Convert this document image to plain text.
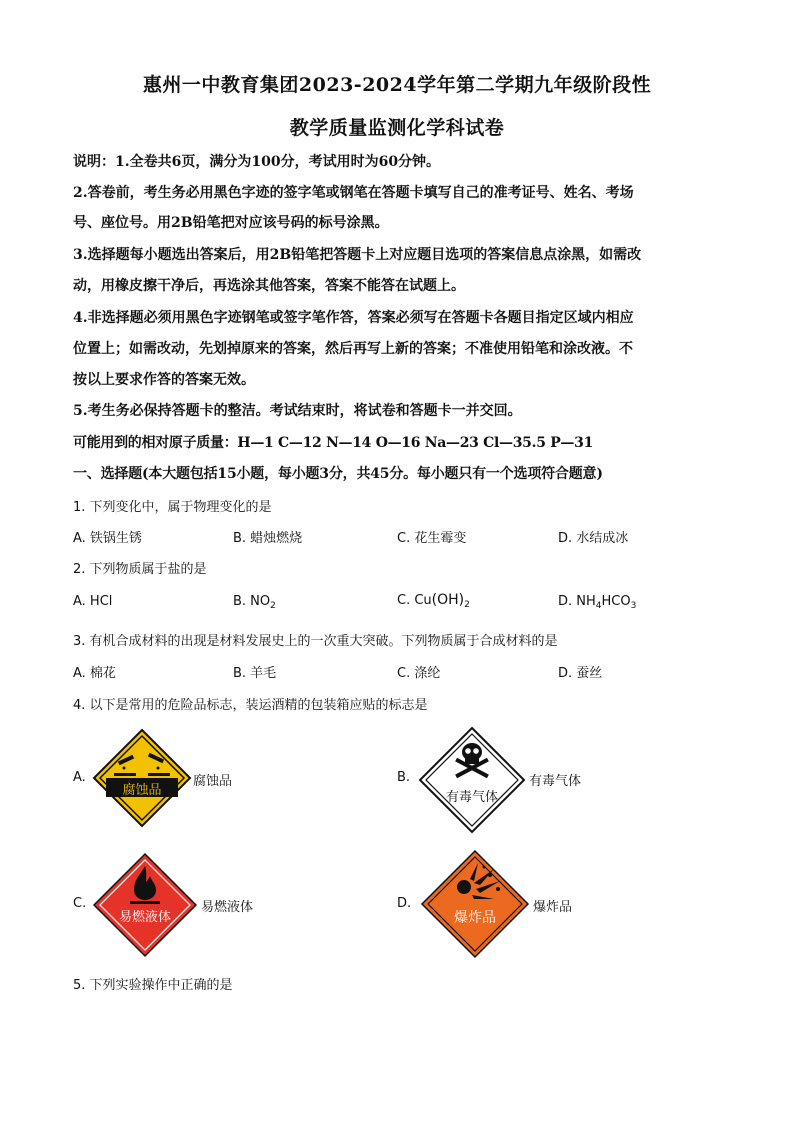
惠州一中教育集团2023-2024学年第二学期九年级阶段性
教学质量监测化学科试卷
说明：1.全卷共6页，满分为100分，考试用时为60分钟。
2.答卷前，考生务必用黑色字迹的签字笔或钢笔在答题卡填写自己的准考证号、姓名、考场
号、座位号。用2B铅笔把对应该号码的标号涂黑。
3.选择题每小题选出答案后，用2B铅笔把答题卡上对应题目选项的答案信息点涂黑，如需改
动，用橡皮擦干净后，再选涂其他答案，答案不能答在试题上。
4.非选择题必须用黑色字迹钢笔或签字笔作答，答案必须写在答题卡各题目指定区域内相应
位置上；如需改动，先划掉原来的答案，然后再写上新的答案；不准使用铅笔和涂改液。不
按以上要求作答的答案无效。
5.考生务必保持答题卡的整洁。考试结束时，将试卷和答题卡一并交回。
可能用到的相对原子质量：H—1 C—12 N—14 O—16 Na—23 Cl—35.5 P—31
一、选择题(本大题包括15小题，每小题3分，共45分。每小题只有一个选项符合题意)
1. 下列变化中，属于物理变化的是
A. 铁锅生锈	B. 蜡烛燃烧	C. 花生霉变	D. 水结成冰
2. 下列物质属于盐的是
A. HCl	B. $NO_2$	C. $Cu(OH)_2$	D. $NH_4HCO_3$
3. 有机合成材料的出现是材料发展史上的一次重大突破。下列物质属于合成材料的是
A. 棉花	B. 羊毛	C. 涤纶	D. 蚕丝
4. 以下是常用的危险品标志，装运酒精的包装箱应贴的标志是
A.
腐蚀品
腐蚀品	B.
有毒气体
有毒气体
C.
易燃液体
易燃液体	D.
爆炸品
爆炸品
5. 下列实验操作中正确的是
